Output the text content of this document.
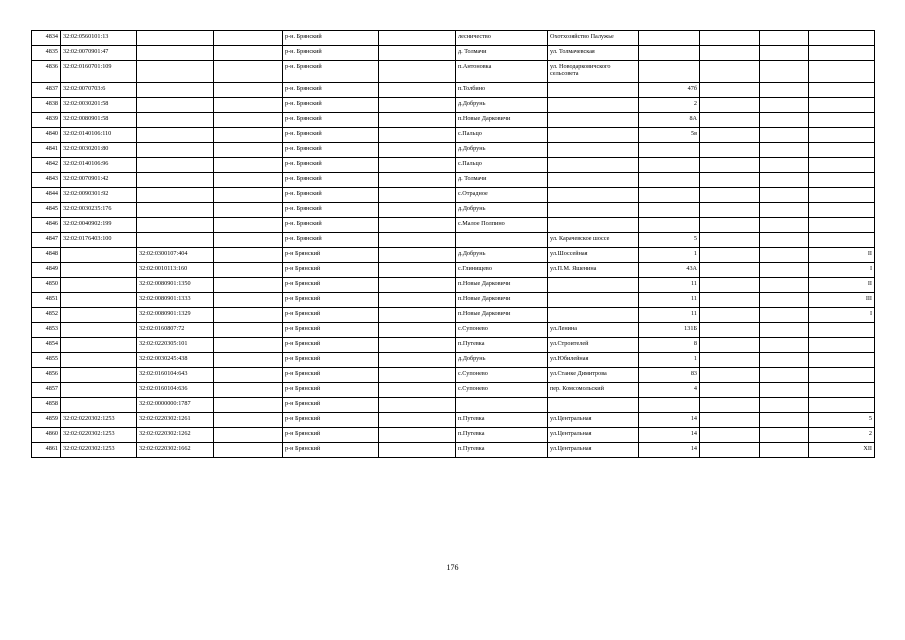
4834	32:02:0560101:13			р-н. Брянский		лесничество	Охотхозяйство Палужье				
4835	32:02:0070901:47			р-н. Брянский		д. Толмачи	ул. Толмачевская				
4836	32:02:0160701:109			р-н. Брянский		п.Антоновка	ул. Новодарковичского сельсовета				
4837	32:02:0070703:6			р-н. Брянский		п.Толбино		47б			
4838	32:02:0030201:58			р-н. Брянский		д.Добрунь		2			
4839	32:02:0080901:58			р-н. Брянский		п.Новые Дарковичи		8А			
4840	32:02:0140106:110			р-н. Брянский		с.Пальцо		5в			
4841	32:02:0030201:80			р-н. Брянский		д.Добрунь					
4842	32:02:0140106:96			р-н. Брянский		с.Пальцо					
4843	32:02:0070901:42			р-н. Брянский		д. Толмачи					
4844	32:02:0090301:92			р-н. Брянский		с.Отрадное					
4845	32:02:0030235:176			р-н. Брянский		д.Добрунь					
4846	32:02:0040902:199			р-н. Брянский		с.Малое Полпино					
4847	32:02:0176403:100			р-н. Брянский			ул. Карачевское шоссе	5			
4848		32:02:0300107:404		р-н Брянский		д.Добрунь	ул.Шоссейная	1			II
4849		32:02:0010113:160		р-н Брянский		с.Глинищево	ул.П.М. Яшенина	43А			I
4850		32:02:0080901:1350		р-н Брянский		п.Новые Дарковичи		11			II
4851		32:02:0080901:1333		р-н Брянский		п.Новые Дарковичи		11			III
4852		32:02:0080901:1329		р-н Брянский		п.Новые Дарковичи		11			I
4853		32:02:0160807:72		р-н Брянский		с.Супонево	ул.Ленина	131Б			
4854		32:02:0220305:101		р-н Брянский		п.Путевка	ул.Строителей	8			
4855		32:02:0030245:438		р-н Брянский		д.Добрунь	ул.Юбилейная	1			
4856		32:02:0160104:643		р-н Брянский		с.Супонево	ул.Станке Димитрова	83			
4857		32:02:0160104:636		р-н Брянский		с.Супонево	пер. Комсомольский	4			
4858		32:02:0000000:1787		р-н Брянский							
4859	32:02:0220302:1253	32:02:0220302:1261		р-н Брянский		п.Путевка	ул.Центральная	14			5
4860	32:02:0220302:1253	32:02:0220302:1262		р-н Брянский		п.Путевка	ул.Центральная	14			2
4861	32:02:0220302:1253	32:02:0220302:1662		р-н Брянский		п.Путевка	ул.Центральная	14			XII
176
